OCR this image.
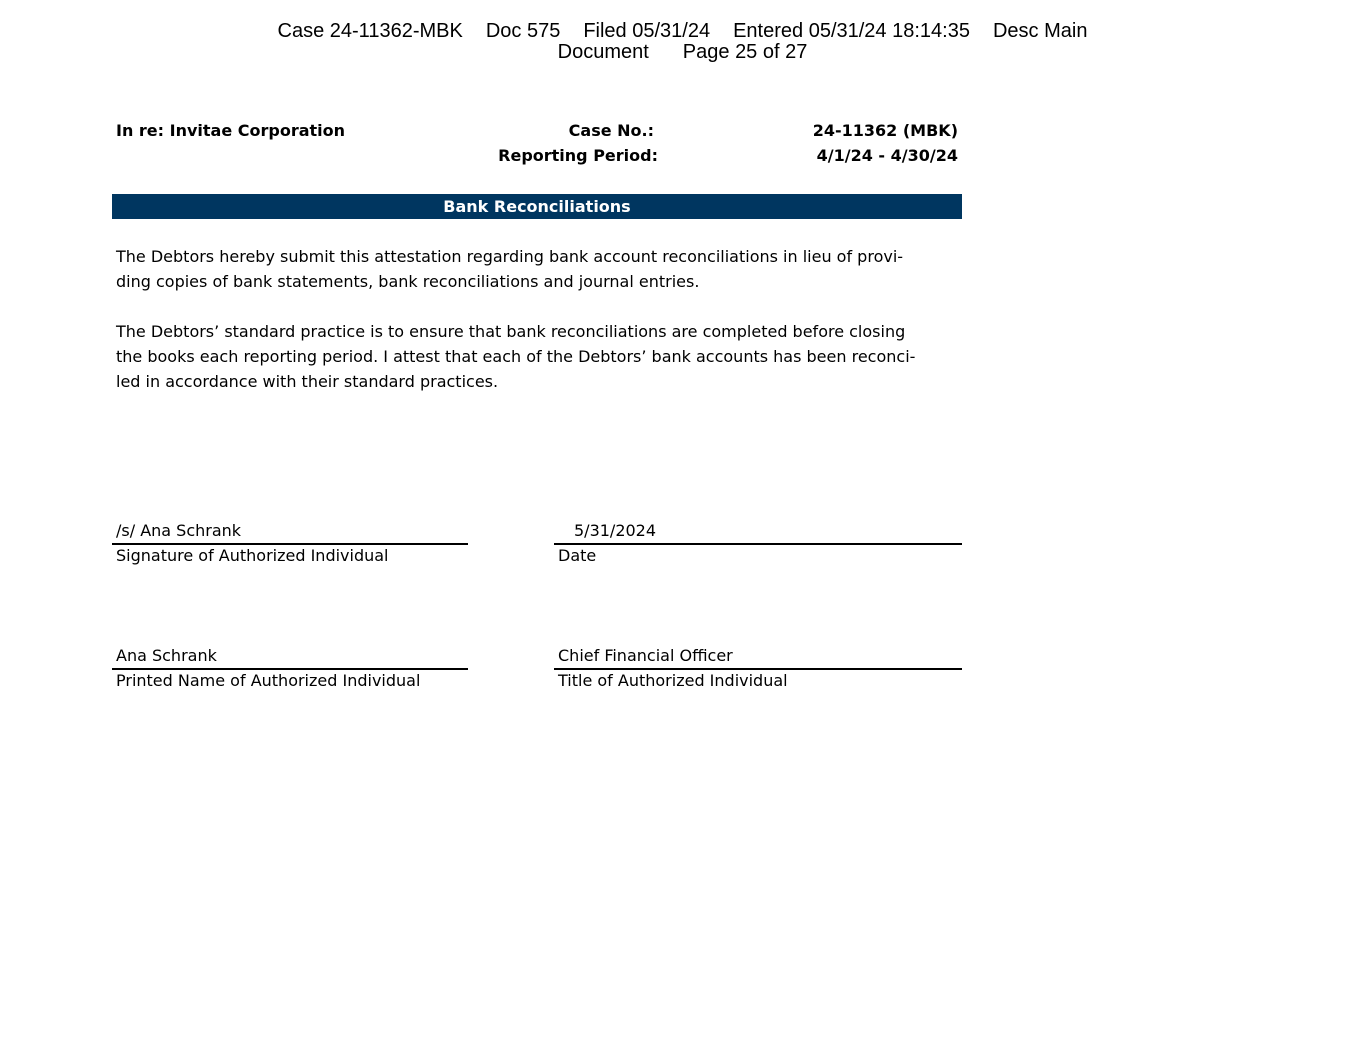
Case 24-11362-MBK Doc 575 Filed 05/31/24 Entered 05/31/24 18:14:35 Desc Main
Document Page 25 of 27
In re: Invitae Corporation	Case No.:	24-11362 (MBK)
Reporting Period:	4/1/24 - 4/30/24
Bank Reconciliations
The Debtors hereby submit this attestation regarding bank account reconciliations in lieu of provi-
ding copies of bank statements, bank reconciliations and journal entries.
The Debtors’ standard practice is to ensure that bank reconciliations are completed before closing
the books each reporting period. I attest that each of the Debtors’ bank accounts has been reconci-
led in accordance with their standard practices.
/s/ Ana Schrank
Signature of Authorized Individual
5/31/2024
Date
Ana Schrank
Printed Name of Authorized Individual
Chief Financial Officer
Title of Authorized Individual
